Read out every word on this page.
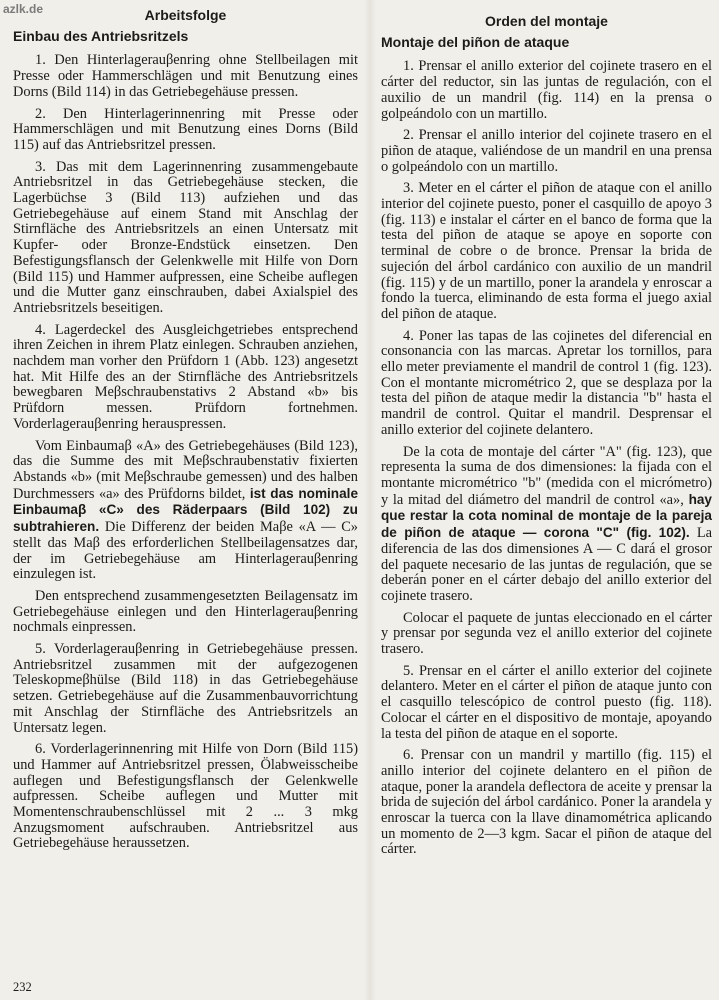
azlk.de	Arbeitsfolge
Einbau des Antriebsritzels

1. Den Hinterlagerauβenring ohne Stellbeilagen mit Presse oder Hammerschlägen und mit Benutzung eines Dorns (Bild 114) in das Getriebegehäuse pressen.

2. Den Hinterlagerinnenring mit Presse oder Hammerschlägen und mit Benutzung eines Dorns (Bild 115) auf das Antriebsritzel pressen.

3. Das mit dem Lagerinnenring zusammengebaute Antriebsritzel in das Getriebegehäuse stecken, die Lagerbüchse 3 (Bild 113) aufziehen und das Getriebegehäuse auf einem Stand mit Anschlag der Stirnfläche des Antriebsritzels an einen Untersatz mit Kupfer- oder Bronze-Endstück einsetzen. Den Befestigungsflansch der Gelenkwelle mit Hilfe von Dorn (Bild 115) und Hammer aufpressen, eine Scheibe auflegen und die Mutter ganz einschrauben, dabei Axialspiel des Antriebsritzels beseitigen.

4. Lagerdeckel des Ausgleichgetriebes entsprechend ihren Zeichen in ihrem Platz einlegen. Schrauben anziehen, nachdem man vorher den Prüfdorn 1 (Abb. 123) angesetzt hat. Mit Hilfe des an der Stirnfläche des Antriebsritzels bewegbaren Meβschraubenstativs 2 Abstand «b» bis Prüfdorn messen. Prüfdorn fortnehmen. Vorderlagerauβenring herauspressen.

Vom Einbaumaβ «A» des Getriebegehäuses (Bild 123), das die Summe des mit Meβschraubenstativ fixierten Abstands «b» (mit Meβschraube gemessen) und des halben Durchmessers «a» des Prüfdorns bildet, ist das nominale Einbaumaβ «C» des Räderpaars (Bild 102) zu subtrahieren. Die Differenz der beiden Maβe «A — C» stellt das Maβ des erforderlichen Stellbeilagensatzes dar, der im Getriebegehäuse am Hinterlagerauβenring einzulegen ist.

Den entsprechend zusammengesetzten Beilagensatz im Getriebegehäuse einlegen und den Hinterlagerauβenring nochmals einpressen.

5. Vorderlagerauβenring in Getriebegehäuse pressen. Antriebsritzel zusammen mit der aufgezogenen Teleskopmeβhülse (Bild 118) in das Getriebegehäuse setzen. Getriebegehäuse auf die Zusammenbauvorrichtung mit Anschlag der Stirnfläche des Antriebsritzels an Untersatz legen.

6. Vorderlagerinnenring mit Hilfe von Dorn (Bild 115) und Hammer auf Antriebsritzel pressen, Ölabweisscheibe auflegen und Befestigungsflansch der Gelenkwelle aufpressen. Scheibe auflegen und Mutter mit Momentenschraubenschlüssel mit 2 ... 3 mkg Anzugsmoment aufschrauben. Antriebsritzel aus Getriebegehäuse heraussetzen.

Orden del montaje
Montaje del piñon de ataque

1. Prensar el anillo exterior del cojinete trasero en el cárter del reductor, sin las juntas de regulación, con el auxilio de un mandril (fig. 114) en la prensa o golpeándolo con un martillo.

2. Prensar el anillo interior del cojinete trasero en el piñon de ataque, valiéndose de un mandril en una prensa o golpeándolo con un martillo.

3. Meter en el cárter el piñon de ataque con el anillo interior del cojinete puesto, poner el casquillo de apoyo 3 (fig. 113) e instalar el cárter en el banco de forma que la testa del piñon de ataque se apoye en soporte con terminal de cobre o de bronce. Prensar la brida de sujeción del árbol cardánico con auxilio de un mandril (fig. 115) y de un martillo, poner la arandela y enroscar a fondo la tuerca, eliminando de esta forma el juego axial del piñon de ataque.

4. Poner las tapas de las cojinetes del diferencial en consonancia con las marcas. Apretar los tornillos, para ello meter previamente el mandril de control 1 (fig. 123). Con el montante micrométrico 2, que se desplaza por la testa del piñon de ataque medir la distancia "b" hasta el mandril de control. Quitar el mandril. Desprensar el anillo exterior del cojinete delantero.

De la cota de montaje del cárter "A" (fig. 123), que representa la suma de dos dimensiones: la fijada con el montante micrométrico "b" (medida con el micrómetro) y la mitad del diámetro del mandril de control «a», hay que restar la cota nominal de montaje de la pareja de piñon de ataque — corona "C" (fig. 102). La diferencia de las dos dimensiones A — C dará el grosor del paquete necesario de las juntas de regulación, que se deberán poner en el cárter debajo del anillo exterior del cojinete trasero.

Colocar el paquete de juntas eleccionado en el cárter y prensar por segunda vez el anillo exterior del cojinete trasero.

5. Prensar en el cárter el anillo exterior del cojinete delantero. Meter en el cárter el piñon de ataque junto con el casquillo telescópico de control puesto (fig. 118). Colocar el cárter en el dispositivo de montaje, apoyando la testa del piñon de ataque en el soporte.

6. Prensar con un mandril y martillo (fig. 115) el anillo interior del cojinete delantero en el piñon de ataque, poner la arandela deflectora de aceite y prensar la brida de sujeción del árbol cardánico. Poner la arandela y enroscar la tuerca con la llave dinamométrica aplicando un momento de 2—3 kgm. Sacar el piñon de ataque del cárter.

232
